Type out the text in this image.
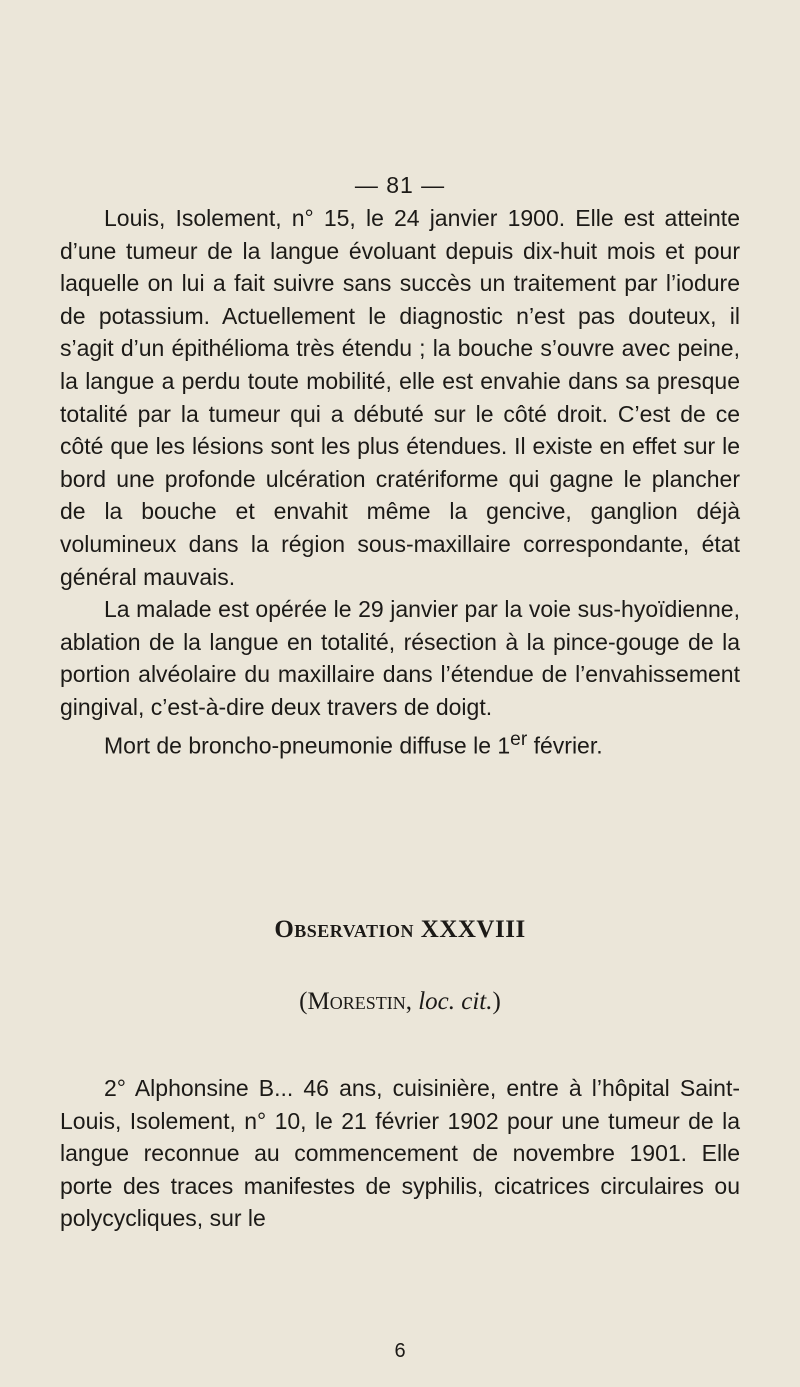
— 81 —

Louis, Isolement, n° 15, le 24 janvier 1900. Elle est atteinte d’une tumeur de la langue évoluant depuis dix-huit mois et pour laquelle on lui a fait suivre sans succès un traitement par l’iodure de potassium. Actuellement le diagnostic n’est pas douteux, il s’agit d’un épithélioma très étendu ; la bouche s’ouvre avec peine, la langue a perdu toute mobilité, elle est envahie dans sa presque totalité par la tumeur qui a débuté sur le côté droit. C’est de ce côté que les lésions sont les plus étendues. Il existe en effet sur le bord une profonde ulcération cratériforme qui gagne le plancher de la bouche et envahit même la gencive, ganglion déjà volumineux dans la région sous-maxillaire correspondante, état général mauvais.

La malade est opérée le 29 janvier par la voie sus-hyoïdienne, ablation de la langue en totalité, résection à la pince-gouge de la portion alvéolaire du maxillaire dans l’étendue de l’envahissement gingival, c’est-à-dire deux travers de doigt.

Mort de broncho-pneumonie diffuse le 1er février.

Observation XXXVIII
(Morestin, loc. cit.)

2° Alphonsine B... 46 ans, cuisinière, entre à l’hôpital Saint-Louis, Isolement, n° 10, le 21 février 1902 pour une tumeur de la langue reconnue au commencement de novembre 1901. Elle porte des traces manifestes de syphilis, cicatrices circulaires ou polycycliques, sur le

6
